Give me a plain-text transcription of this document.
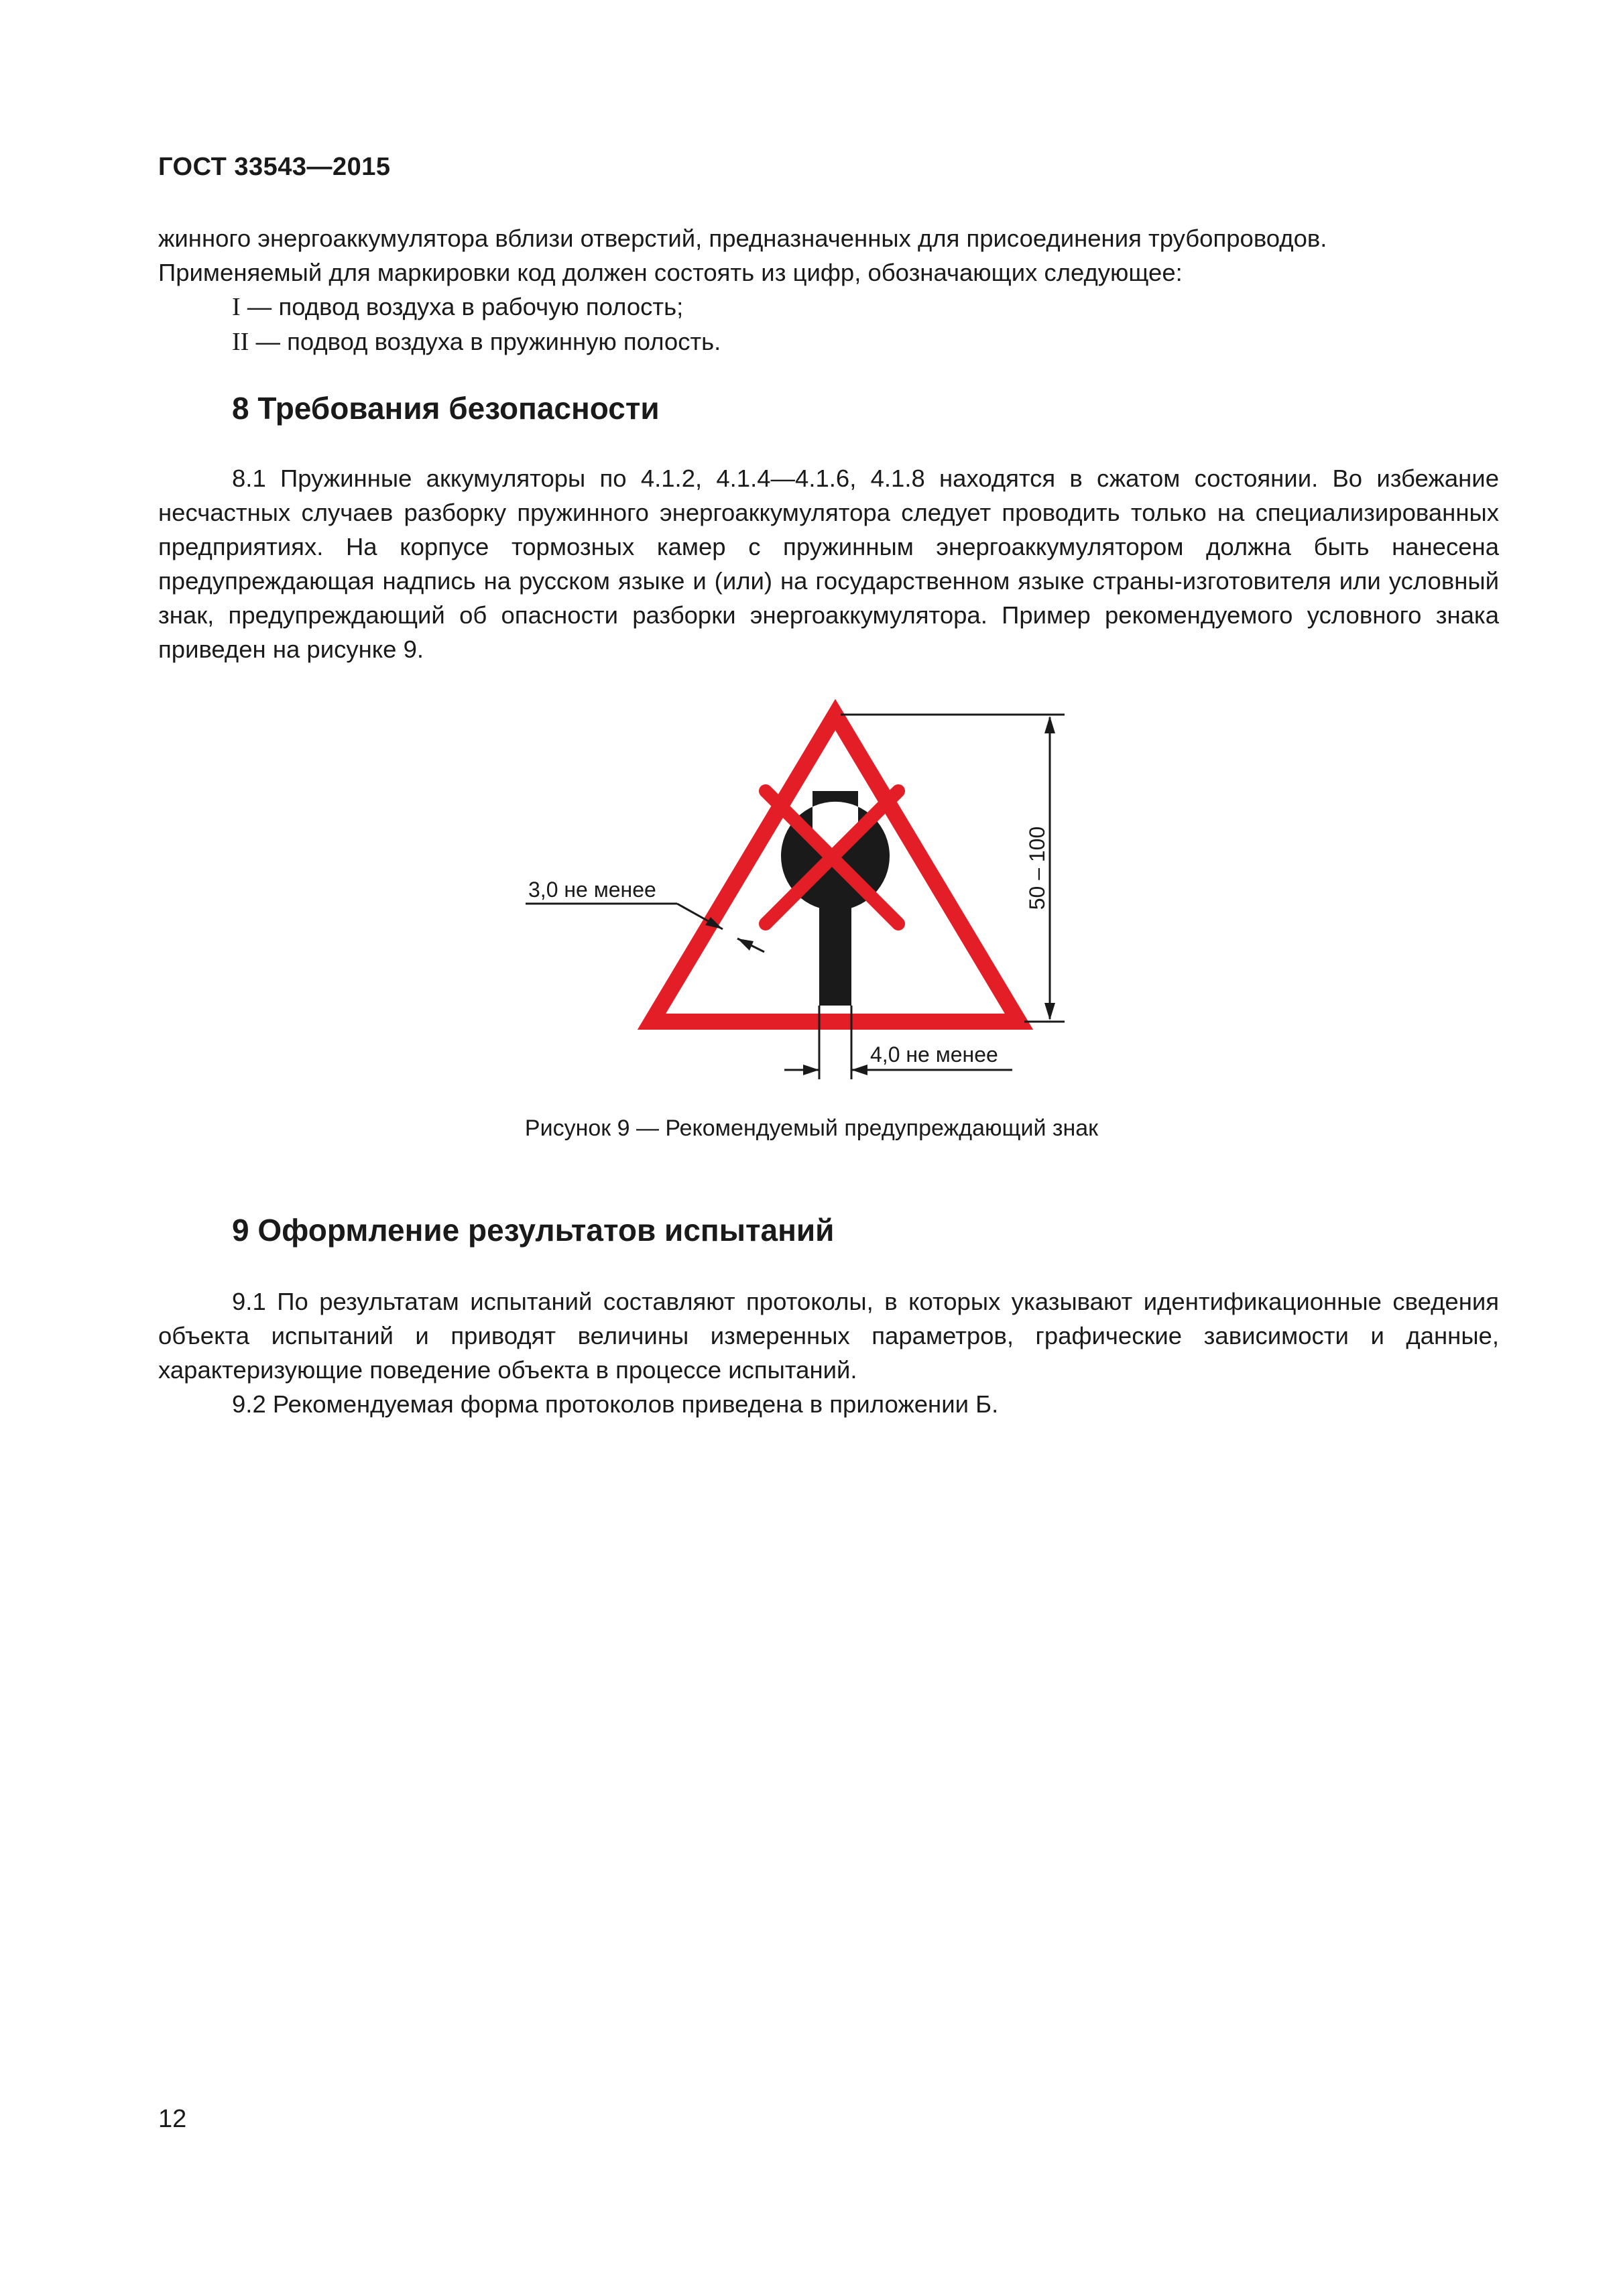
ГОСТ 33543—2015

жинного энергоаккумулятора вблизи отверстий, предназначенных для присоединения трубопроводов.

Применяемый для маркировки код должен состоять из цифр, обозначающих следующее:

I — подвод воздуха в рабочую полость;

II — подвод воздуха в пружинную полость.

8 Требования безопасности

8.1 Пружинные аккумуляторы по 4.1.2, 4.1.4—4.1.6, 4.1.8 находятся в сжатом состоянии. Во избежание несчастных случаев разборку пружинного энергоаккумулятора следует проводить только на специализированных предприятиях. На корпусе тормозных камер с пружинным энергоаккумулятором должна быть нанесена предупреждающая надпись на русском языке и (или) на государственном языке страны-изготовителя или условный знак, предупреждающий об опасности разборки энергоаккумулятора. Пример рекомендуемого условного знака приведен на рисунке 9.

50 – 100
3,0 не менее
4,0 не менее
Рисунок 9 — Рекомендуемый предупреждающий знак
9 Оформление результатов испытаний

9.1 По результатам испытаний составляют протоколы, в которых указывают идентификационные сведения объекта испытаний и приводят величины измеренных параметров, графические зависимости и данные, характеризующие поведение объекта в процессе испытаний.

9.2 Рекомендуемая форма протоколов приведена в приложении Б.

12
